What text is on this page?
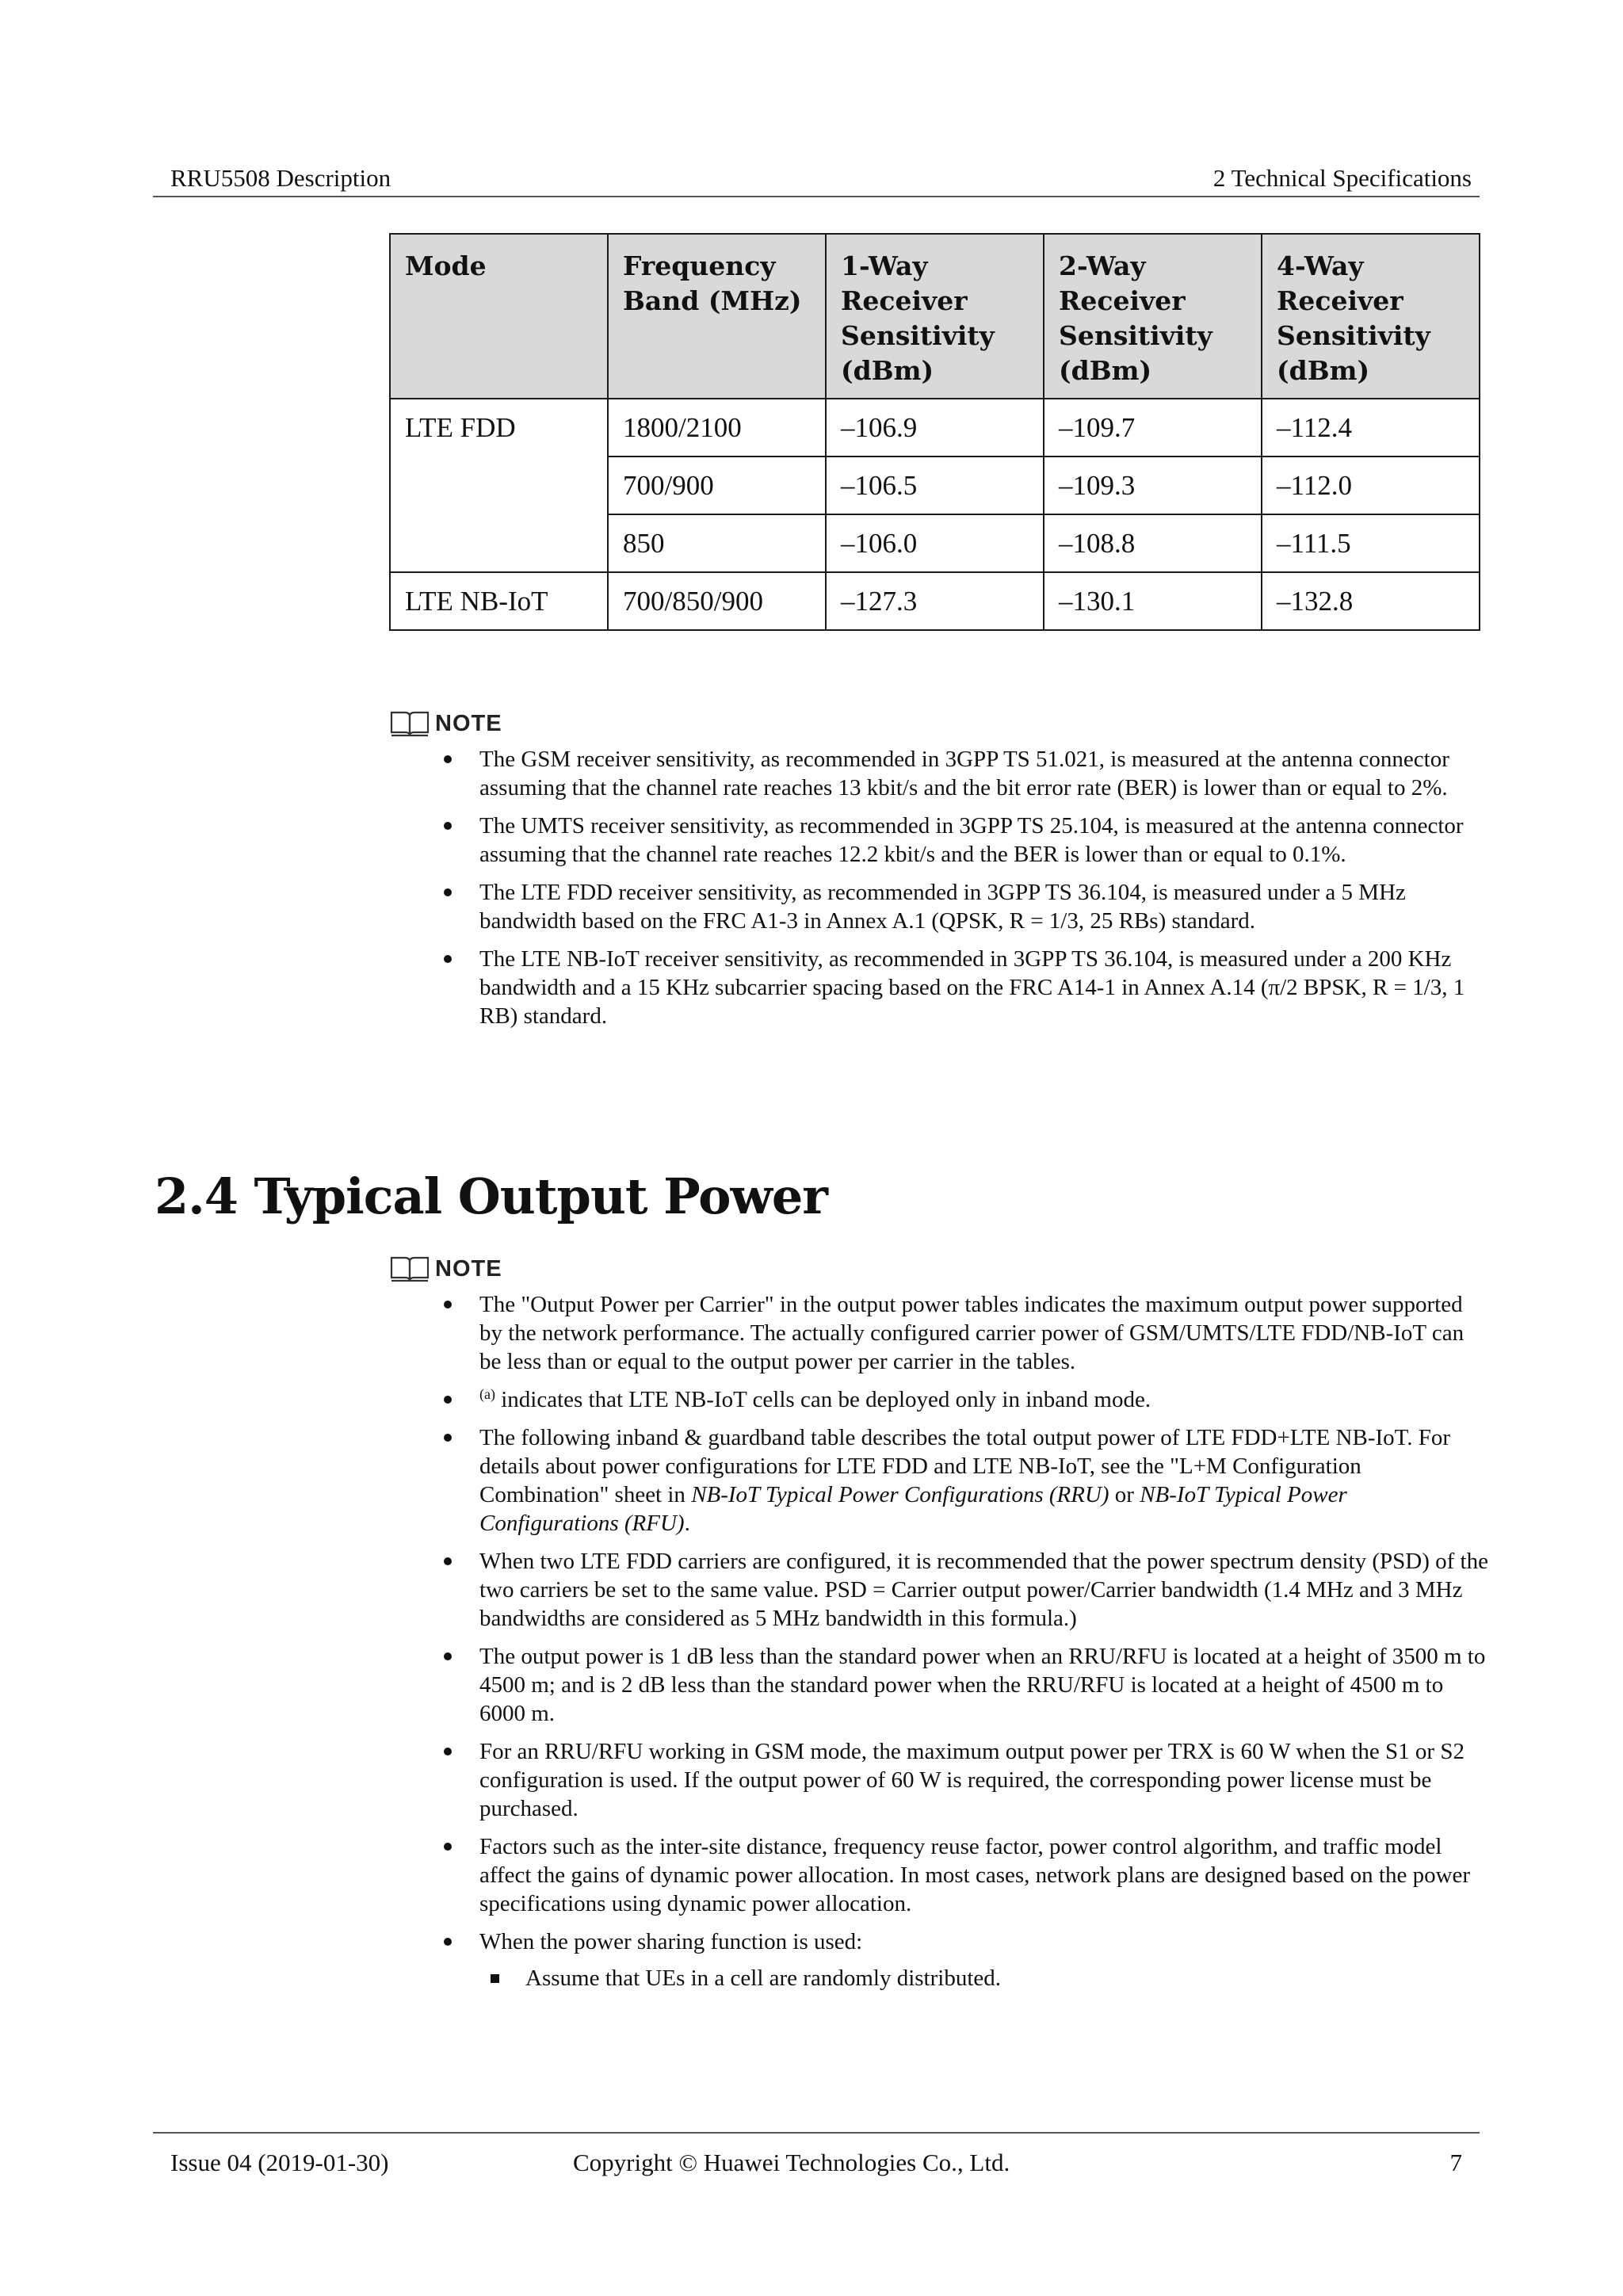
RRU5508 Description	2 Technical Specifications
Mode	Frequency Band (MHz)	1-Way Receiver Sensitivity (dBm)	2-Way Receiver Sensitivity (dBm)	4-Way Receiver Sensitivity (dBm)
LTE FDD	1800/2100	–106.9	–109.7	–112.4
	700/900	–106.5	–109.3	–112.0
	850	–106.0	–108.8	–111.5
LTE NB-IoT	700/850/900	–127.3	–130.1	–132.8
NOTE
The GSM receiver sensitivity, as recommended in 3GPP TS 51.021, is measured at the antenna connector assuming that the channel rate reaches 13 kbit/s and the bit error rate (BER) is lower than or equal to 2%.
The UMTS receiver sensitivity, as recommended in 3GPP TS 25.104, is measured at the antenna connector assuming that the channel rate reaches 12.2 kbit/s and the BER is lower than or equal to 0.1%.
The LTE FDD receiver sensitivity, as recommended in 3GPP TS 36.104, is measured under a 5 MHz bandwidth based on the FRC A1-3 in Annex A.1 (QPSK, R = 1/3, 25 RBs) standard.
The LTE NB-IoT receiver sensitivity, as recommended in 3GPP TS 36.104, is measured under a 200 KHz bandwidth and a 15 KHz subcarrier spacing based on the FRC A14-1 in Annex A.14 (π/2 BPSK, R = 1/3, 1 RB) standard.
2.4 Typical Output Power
NOTE
The "Output Power per Carrier" in the output power tables indicates the maximum output power supported by the network performance. The actually configured carrier power of GSM/UMTS/LTE FDD/NB-IoT can be less than or equal to the output power per carrier in the tables.
$^{(a)}$ indicates that LTE NB-IoT cells can be deployed only in inband mode.
The following inband & guardband table describes the total output power of LTE FDD+LTE NB-IoT. For details about power configurations for LTE FDD and LTE NB-IoT, see the "L+M Configuration Combination" sheet in NB-IoT Typical Power Configurations (RRU) or NB-IoT Typical Power Configurations (RFU).
When two LTE FDD carriers are configured, it is recommended that the power spectrum density (PSD) of the two carriers be set to the same value. PSD = Carrier output power/Carrier bandwidth (1.4 MHz and 3 MHz bandwidths are considered as 5 MHz bandwidth in this formula.)
The output power is 1 dB less than the standard power when an RRU/RFU is located at a height of 3500 m to 4500 m; and is 2 dB less than the standard power when the RRU/RFU is located at a height of 4500 m to 6000 m.
For an RRU/RFU working in GSM mode, the maximum output power per TRX is 60 W when the S1 or S2 configuration is used. If the output power of 60 W is required, the corresponding power license must be purchased.
Factors such as the inter-site distance, frequency reuse factor, power control algorithm, and traffic model affect the gains of dynamic power allocation. In most cases, network plans are designed based on the power specifications using dynamic power allocation.
When the power sharing function is used:
Assume that UEs in a cell are randomly distributed.
Issue 04 (2019-01-30)	Copyright © Huawei Technologies Co., Ltd.	7
